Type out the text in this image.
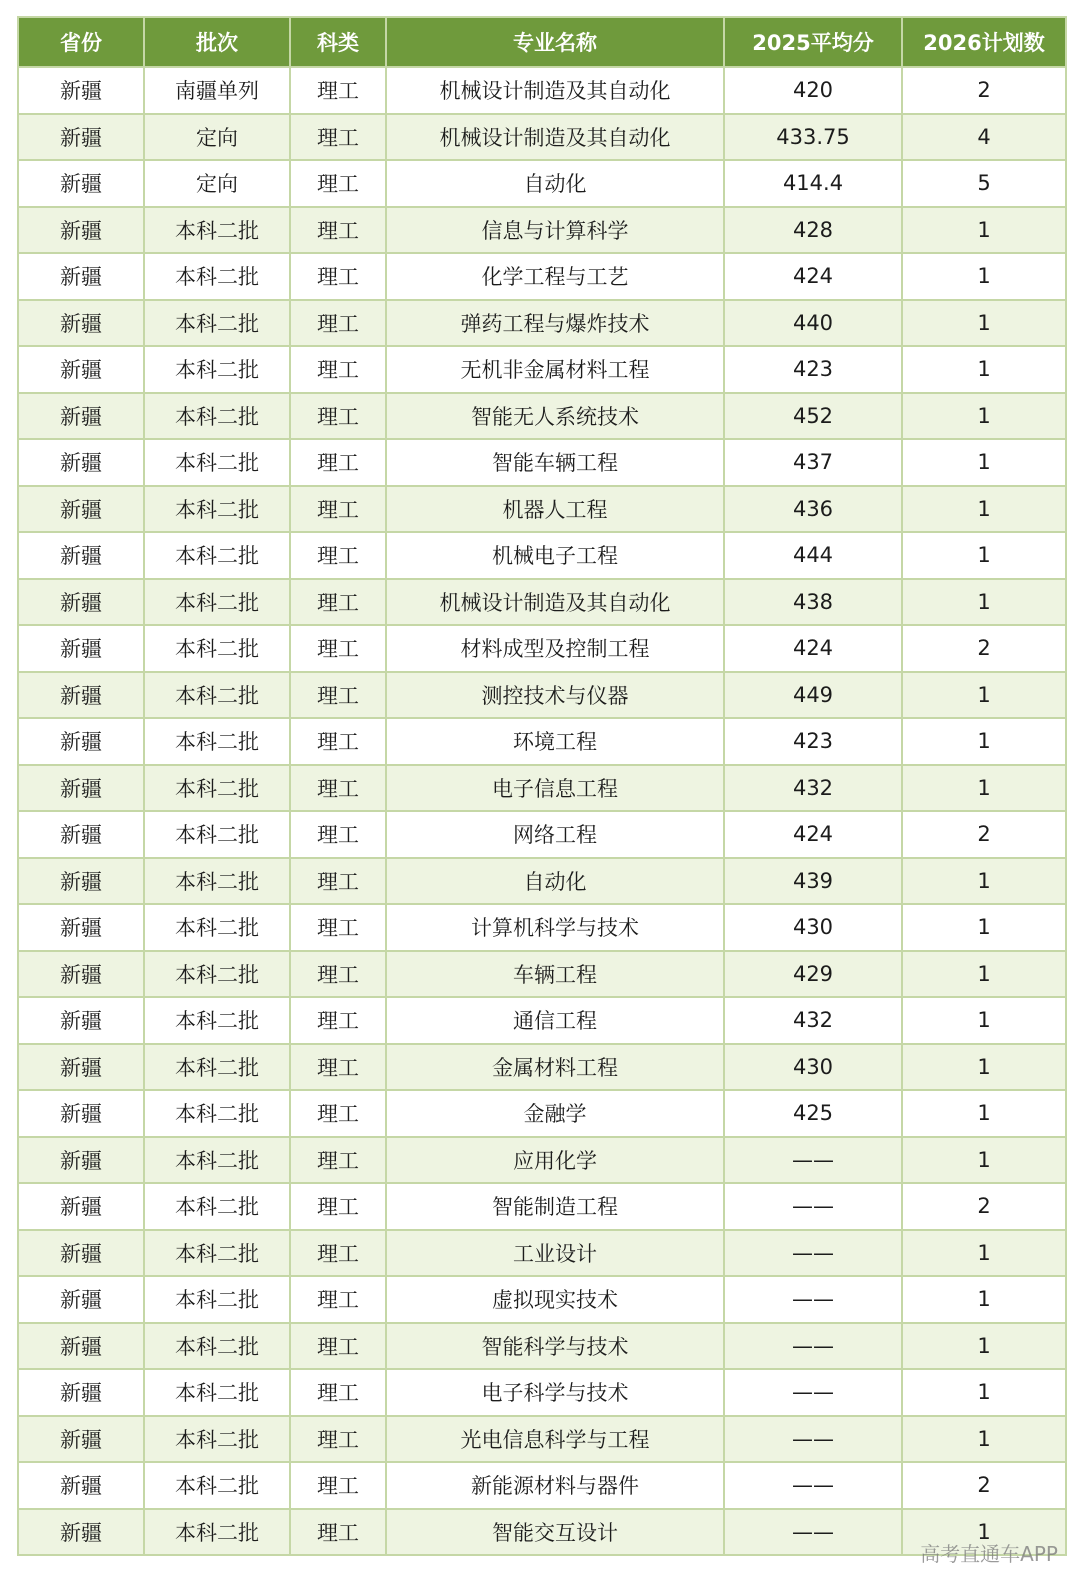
省份	批次	科类	专业名称	2025平均分	2026计划数
新疆	南疆单列	理工	机械设计制造及其自动化	420	2
新疆	定向	理工	机械设计制造及其自动化	433.75	4
新疆	定向	理工	自动化	414.4	5
新疆	本科二批	理工	信息与计算科学	428	1
新疆	本科二批	理工	化学工程与工艺	424	1
新疆	本科二批	理工	弹药工程与爆炸技术	440	1
新疆	本科二批	理工	无机非金属材料工程	423	1
新疆	本科二批	理工	智能无人系统技术	452	1
新疆	本科二批	理工	智能车辆工程	437	1
新疆	本科二批	理工	机器人工程	436	1
新疆	本科二批	理工	机械电子工程	444	1
新疆	本科二批	理工	机械设计制造及其自动化	438	1
新疆	本科二批	理工	材料成型及控制工程	424	2
新疆	本科二批	理工	测控技术与仪器	449	1
新疆	本科二批	理工	环境工程	423	1
新疆	本科二批	理工	电子信息工程	432	1
新疆	本科二批	理工	网络工程	424	2
新疆	本科二批	理工	自动化	439	1
新疆	本科二批	理工	计算机科学与技术	430	1
新疆	本科二批	理工	车辆工程	429	1
新疆	本科二批	理工	通信工程	432	1
新疆	本科二批	理工	金属材料工程	430	1
新疆	本科二批	理工	金融学	425	1
新疆	本科二批	理工	应用化学	——	1
新疆	本科二批	理工	智能制造工程	——	2
新疆	本科二批	理工	工业设计	——	1
新疆	本科二批	理工	虚拟现实技术	——	1
新疆	本科二批	理工	智能科学与技术	——	1
新疆	本科二批	理工	电子科学与技术	——	1
新疆	本科二批	理工	光电信息科学与工程	——	1
新疆	本科二批	理工	新能源材料与器件	——	2
新疆	本科二批	理工	智能交互设计	——	1
高考直通车APP
